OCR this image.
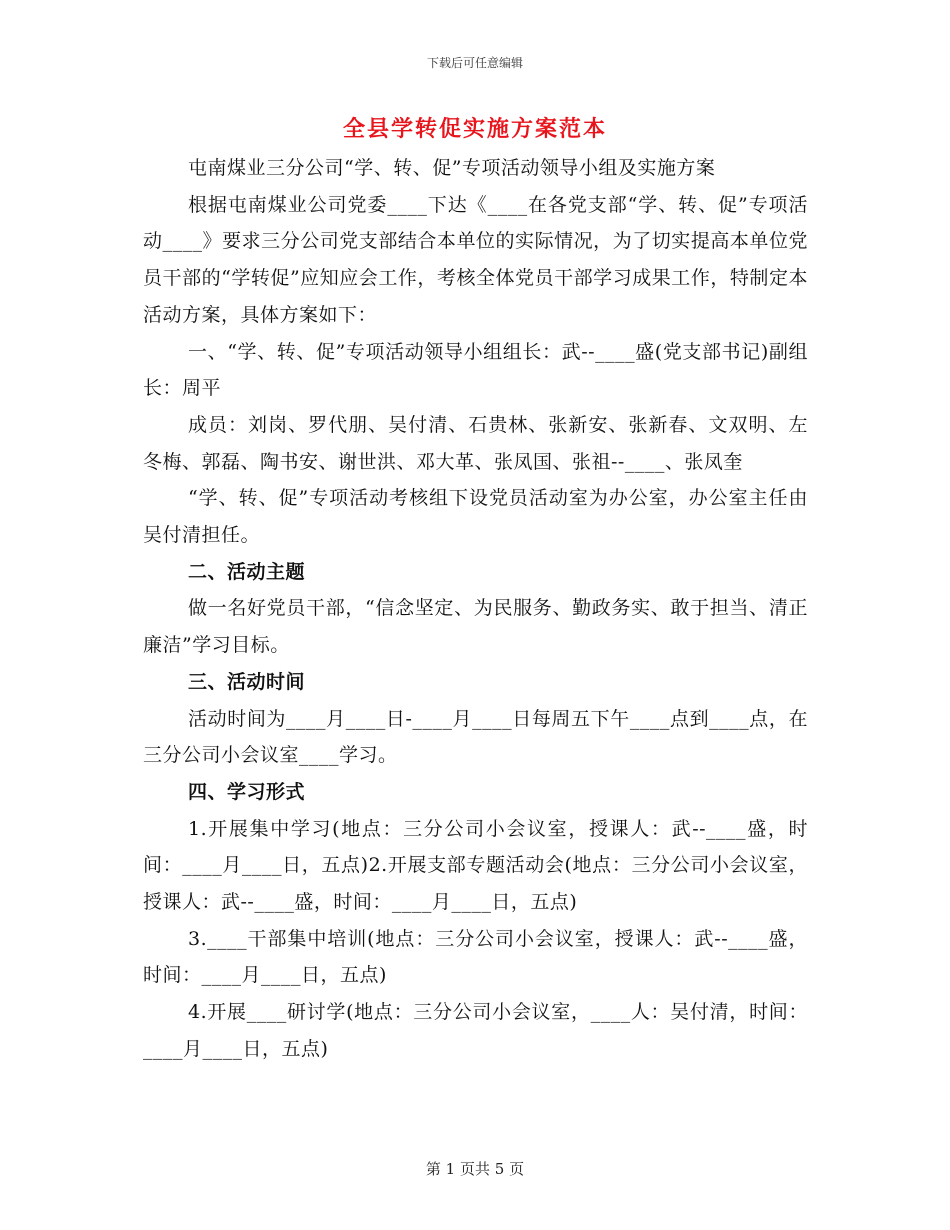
下载后可任意编辑
全县学转促实施方案范本

屯南煤业三分公司“学、转、促”专项活动领导小组及实施方案

根据屯南煤业公司党委____下达《____在各党支部“学、转、促”专项活动____》要求三分公司党支部结合本单位的实际情况，为了切实提高本单位党员干部的“学转促”应知应会工作，考核全体党员干部学习成果工作，特制定本活动方案，具体方案如下：

一、“学、转、促”专项活动领导小组组长：武--____盛(党支部书记)副组长：周平

成员：刘岗、罗代朋、吴付清、石贵林、张新安、张新春、文双明、左冬梅、郭磊、陶书安、谢世洪、邓大革、张凤国、张祖--____、张凤奎

“学、转、促”专项活动考核组下设党员活动室为办公室，办公室主任由吴付清担任。

二、活动主题

做一名好党员干部，“信念坚定、为民服务、勤政务实、敢于担当、清正廉洁”学习目标。

三、活动时间

活动时间为____月____日-____月____日每周五下午____点到____点，在三分公司小会议室____学习。

四、学习形式

1.开展集中学习(地点：三分公司小会议室，授课人：武--____盛，时间：____月____日，五点)2.开展支部专题活动会(地点：三分公司小会议室，授课人：武--____盛，时间：____月____日，五点)

3.____干部集中培训(地点：三分公司小会议室，授课人：武--____盛，时间：____月____日，五点)

4.开展____研讨学(地点：三分公司小会议室，____人：吴付清，时间：____月____日，五点)

第 1 页共 5 页
